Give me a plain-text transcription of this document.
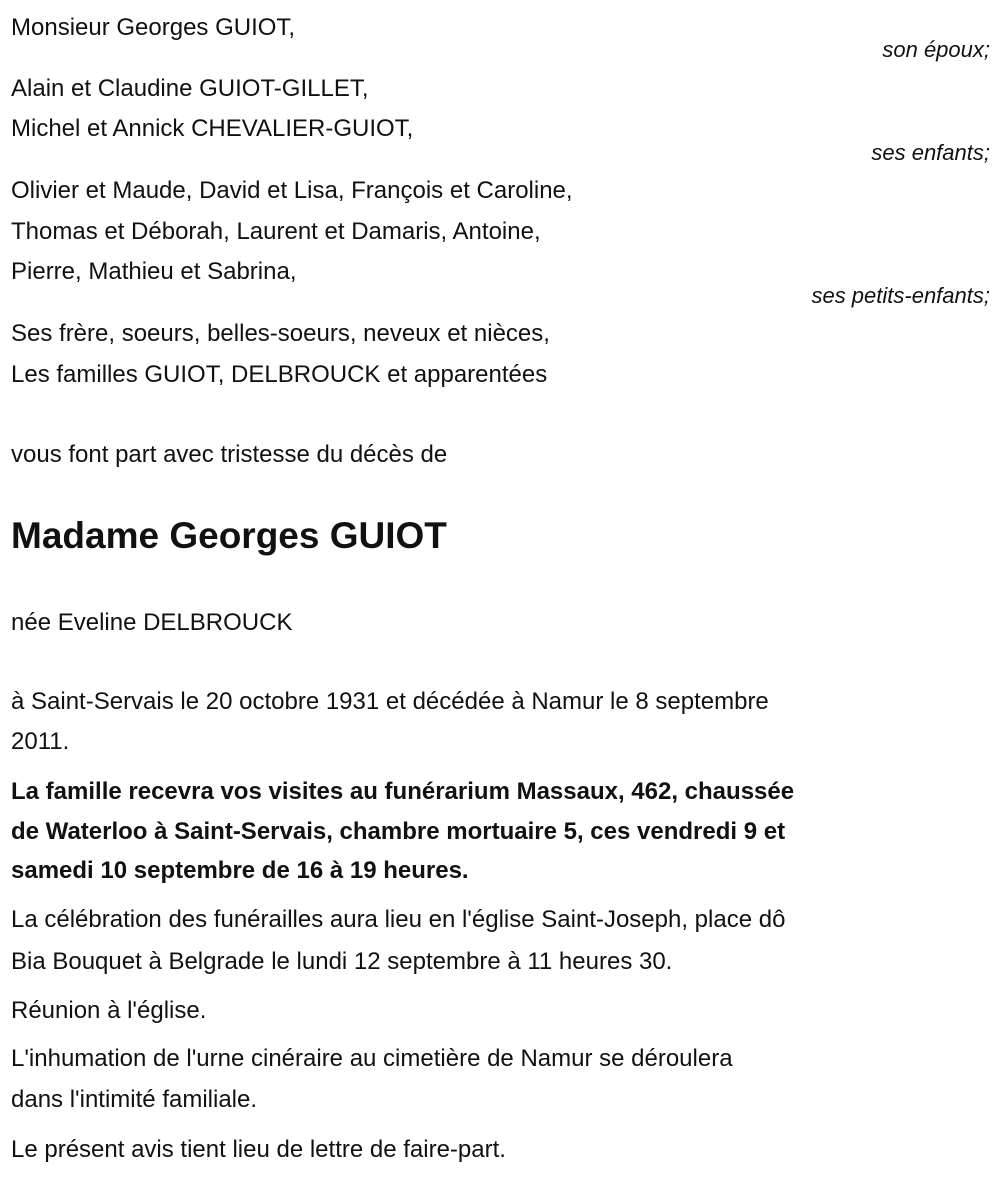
Monsieur Georges GUIOT,
son époux;
Alain et Claudine GUIOT-GILLET,
Michel et Annick CHEVALIER-GUIOT,
ses enfants;
Olivier et Maude, David et Lisa, François et Caroline,
Thomas et Déborah, Laurent et Damaris, Antoine,
Pierre, Mathieu et Sabrina,
ses petits-enfants;
Ses frère, soeurs, belles-soeurs, neveux et nièces,
Les familles GUIOT, DELBROUCK et apparentées
vous font part avec tristesse du décès de
Madame Georges GUIOT
née Eveline DELBROUCK
à Saint-Servais le 20 octobre 1931 et décédée à Namur le 8 septembre
2011.
La famille recevra vos visites au funérarium Massaux, 462, chaussée
de Waterloo à Saint-Servais, chambre mortuaire 5, ces vendredi 9 et
samedi 10 septembre de 16 à 19 heures.
La célébration des funérailles aura lieu en l'église Saint-Joseph, place dô
Bia Bouquet à Belgrade le lundi 12 septembre à 11 heures 30.
Réunion à l'église.
L'inhumation de l'urne cinéraire au cimetière de Namur se déroulera
dans l'intimité familiale.
Le présent avis tient lieu de lettre de faire-part.
